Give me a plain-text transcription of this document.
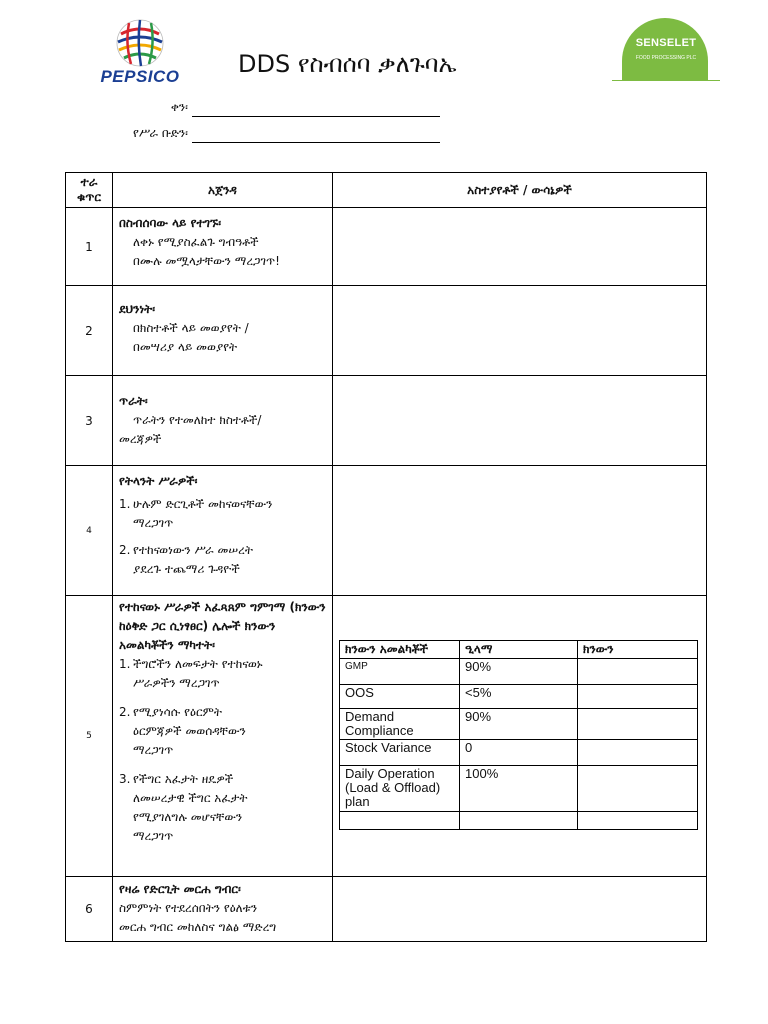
PEPSICO	DDS የስብሰባ ቃለጉባኤ
SENSELET
FOOD PROCESSING PLC
ቀን፡
የሥራ ቡድን፡
ተራ ቁጥር	አጀንዳ	አስተያየቶች / ውሳኔዎች
1	
በስብሰባው ላይ የተገኙ፡
ለቀኑ የሚያስፈልጉ ግብዓቶች
በሙሉ መሟላታቸውን ማረጋገጥ!

2	
ደህንነት፡
በክስተቶች ላይ መወያየት /
በመሣሪያ ላይ መወያየት

3	
ጥራት፡
ጥራትን የተመለከተ ክስተቶች/
መረጃዎች

4	
የትላንት ሥራዎች፡
1. ሁሉም ድርጊቶች መከናወናቸውን
ማረጋገጥ
2. የተከናወነውን ሥራ መሠረት
ያደረጉ ተጨማሪ ጉዳዮች

5	
የተከናወኑ ሥራዎች አፈጻጸም ግምገማ (ክንውን ከዕቅድ ጋር ሲነፃፀር) ሌሎች ክንውን አመልካቾችን ማካተት፡
1. ችግሮችን ለመፍታት የተከናወኑ
ሥራዎችን ማረጋገጥ
2. የሚያነሳሱ የዕርምት
ዕርምጃዎች መወሰዳቸውን
ማረጋገጥ
3. የችግር አፈታት ዘዴዎች
ለመሠረታዊ ችግር አፈታት
የሚያገለግሉ መሆናቸውን
ማረጋገጥ

ክንውን አመልካቾች	ዒላማ	ክንውን
GMP	90%	
OOS	<5%	
Demand Compliance	90%	
Stock Variance	0	
Daily Operation (Load & Offload) plan	100%	

6	
የዛሬ የድርጊት መርሐ ግብር፡
ስምምነት የተደረሰበትን የዕለቱን
መርሐ ግብር መከለስና ግልፅ ማድረግ
